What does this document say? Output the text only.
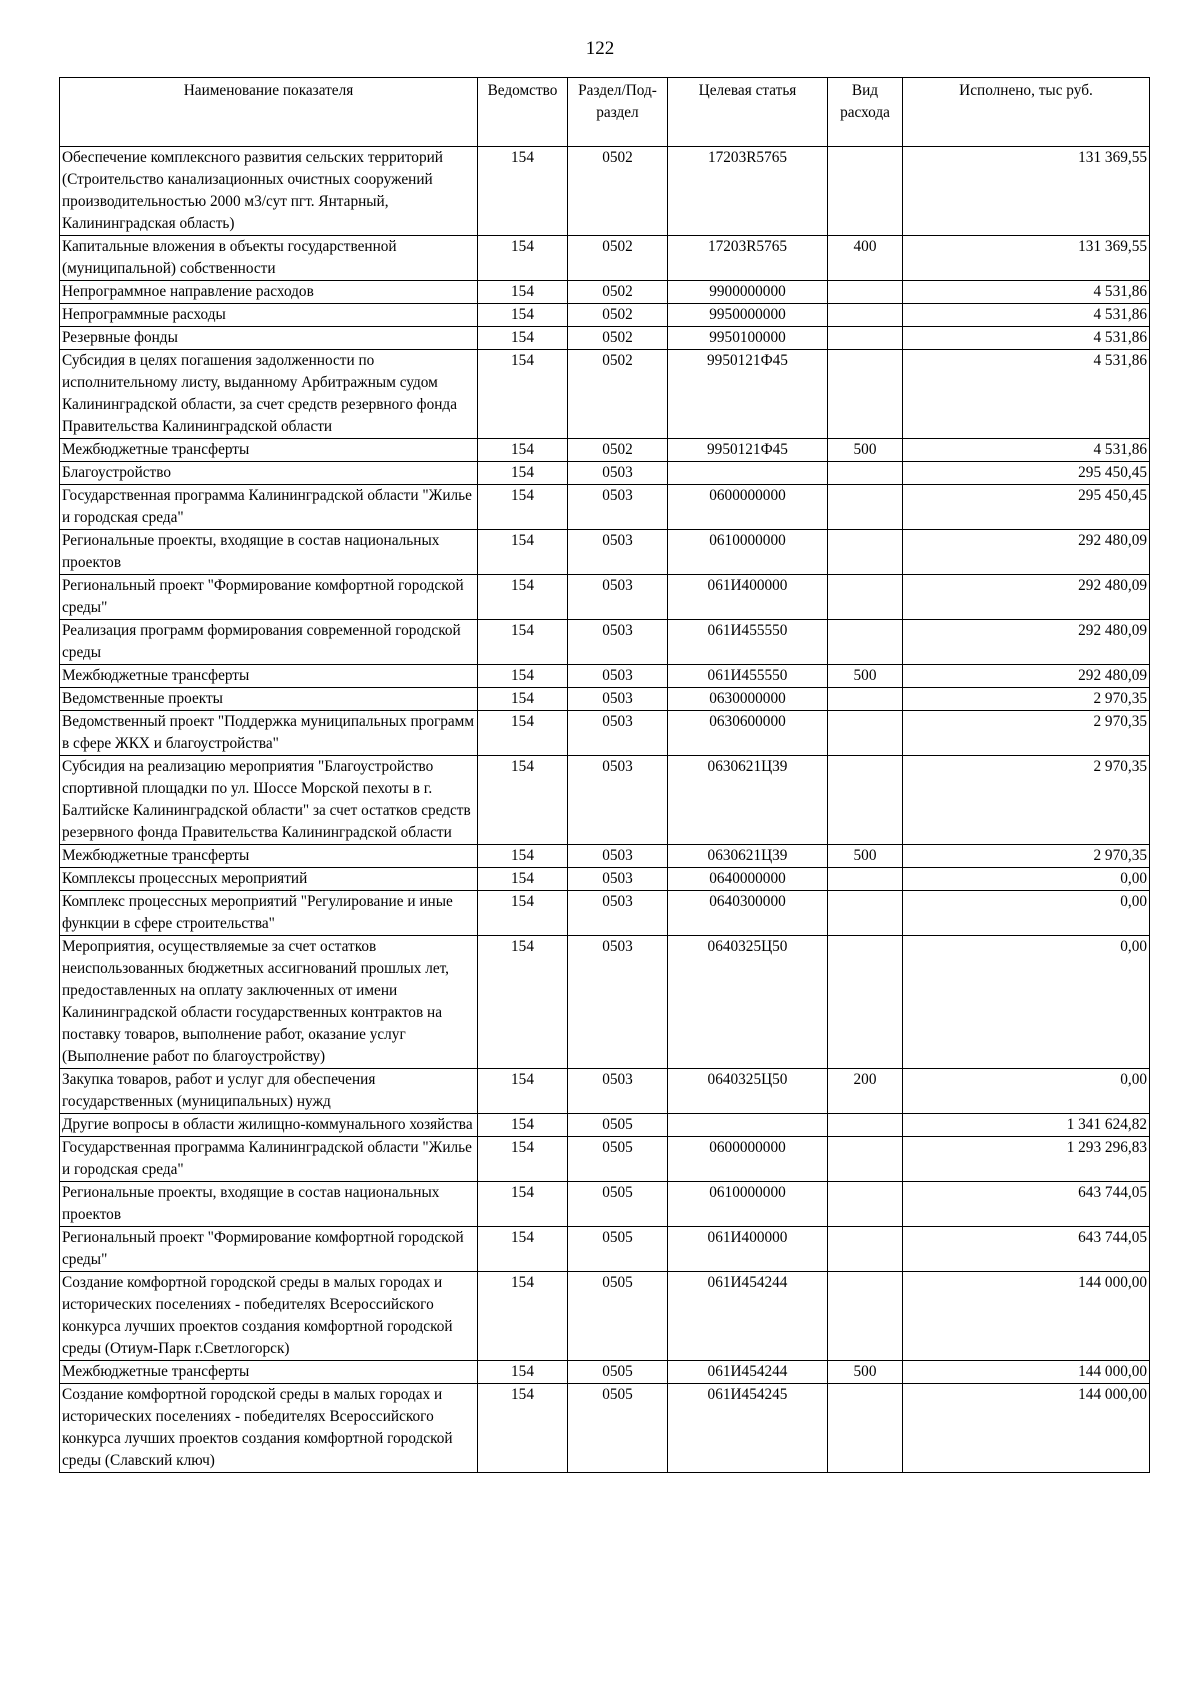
122
Наименование показателя	Ведомство	Раздел/Под-раздел	Целевая статья	Вид расхода	Исполнено, тыс руб.
Обеспечение комплексного развития сельских территорий (Строительство канализационных очистных сооружений производительностью 2000 м3/сут пгт. Янтарный, Калининградская область)	154	0502	17203R5765		131 369,55
Капитальные вложения в объекты государственной (муниципальной) собственности	154	0502	17203R5765	400	131 369,55
Непрограммное направление расходов	154	0502	9900000000		4 531,86
Непрограммные расходы	154	0502	9950000000		4 531,86
Резервные фонды	154	0502	9950100000		4 531,86
Субсидия в целях погашения задолженности по исполнительному листу, выданному Арбитражным судом Калининградской области, за счет средств резервного фонда Правительства Калининградской области	154	0502	9950121Ф45		4 531,86
Межбюджетные трансферты	154	0502	9950121Ф45	500	4 531,86
Благоустройство	154	0503			295 450,45
Государственная программа Калининградской области "Жилье и городская среда"	154	0503	0600000000		295 450,45
Региональные проекты, входящие в состав национальных проектов	154	0503	0610000000		292 480,09
Региональный проект "Формирование комфортной городской среды"	154	0503	061И400000		292 480,09
Реализация программ формирования современной городской среды	154	0503	061И455550		292 480,09
Межбюджетные трансферты	154	0503	061И455550	500	292 480,09
Ведомственные проекты	154	0503	0630000000		2 970,35
Ведомственный проект "Поддержка муниципальных программ в сфере ЖКХ и благоустройства"	154	0503	0630600000		2 970,35
Субсидия на реализацию мероприятия "Благоустройство спортивной площадки по ул. Шоссе Морской пехоты в г. Балтийске Калининградской области" за счет остатков средств резервного фонда Правительства Калининградской области	154	0503	0630621Ц39		2 970,35
Межбюджетные трансферты	154	0503	0630621Ц39	500	2 970,35
Комплексы процессных мероприятий	154	0503	0640000000		0,00
Комплекс процессных мероприятий "Регулирование и иные функции в сфере строительства"	154	0503	0640300000		0,00
Мероприятия, осуществляемые за счет остатков неиспользованных бюджетных ассигнований прошлых лет, предоставленных на оплату заключенных от имени Калининградской области государственных контрактов на поставку товаров, выполнение работ, оказание услуг (Выполнение работ по благоустройству)	154	0503	0640325Ц50		0,00
Закупка товаров, работ и услуг для обеспечения государственных (муниципальных) нужд	154	0503	0640325Ц50	200	0,00
Другие вопросы в области жилищно-коммунального хозяйства	154	0505			1 341 624,82
Государственная программа Калининградской области "Жилье и городская среда"	154	0505	0600000000		1 293 296,83
Региональные проекты, входящие в состав национальных проектов	154	0505	0610000000		643 744,05
Региональный проект "Формирование комфортной городской среды"	154	0505	061И400000		643 744,05
Создание комфортной городской среды в малых городах и исторических поселениях - победителях Всероссийского конкурса лучших проектов создания комфортной городской среды (Отиум-Парк г.Светлогорск)	154	0505	061И454244		144 000,00
Межбюджетные трансферты	154	0505	061И454244	500	144 000,00
Создание комфортной городской среды в малых городах и исторических поселениях - победителях Всероссийского конкурса лучших проектов создания комфортной городской среды (Славский ключ)	154	0505	061И454245		144 000,00
